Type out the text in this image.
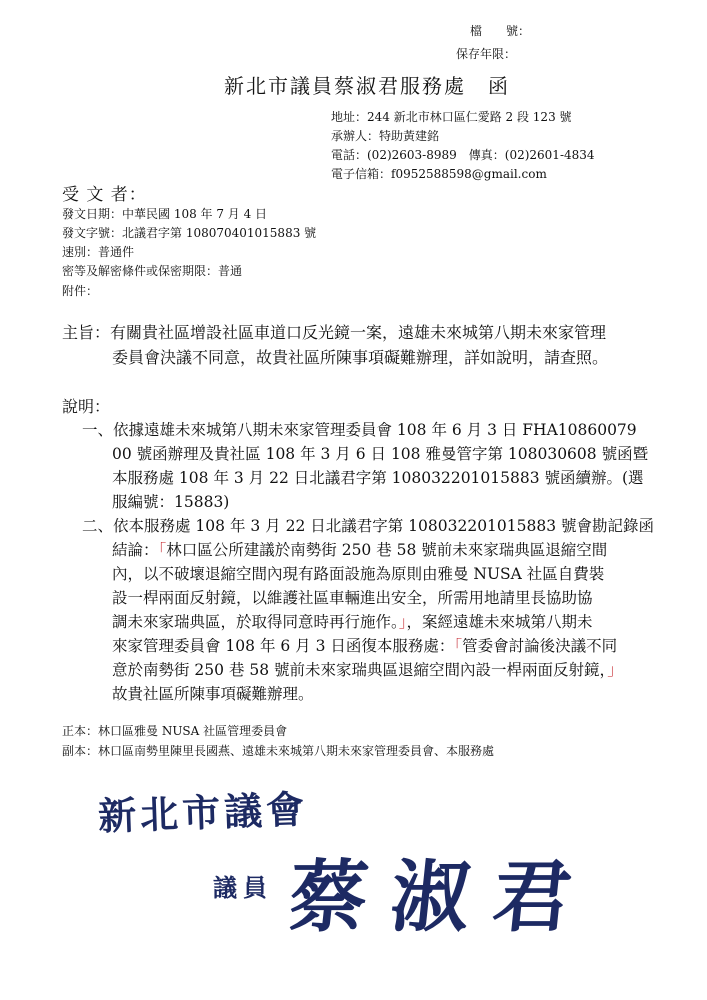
檔　　號：
保存年限：
新北市議員蔡淑君服務處　函
地址：244 新北市林口區仁愛路 2 段 123 號
承辦人：特助黃建銘
電話：(02)2603-8989　傳真：(02)2601-4834
電子信箱：f0952588598@gmail.com
受 文 者：
發文日期：中華民國 108 年 7 月 4 日
發文字號：北議君字第 108070401015883 號
速別：普通件
密等及解密條件或保密期限：普通
附件：
主旨：有關貴社區增設社區車道口反光鏡一案，遠雄未來城第八期未來家管理
委員會決議不同意，故貴社區所陳事項礙難辦理，詳如說明，請查照。
說明：
一、依據遠雄未來城第八期未來家管理委員會 108 年 6 月 3 日 FHA10860079
00 號函辦理及貴社區 108 年 3 月 6 日 108 雅曼管字第 108030608 號函暨
本服務處 108 年 3 月 22 日北議君字第 108032201015883 號函續辦。(選
服編號：15883)
二、依本服務處 108 年 3 月 22 日北議君字第 108032201015883 號會勘記錄函
結論：「林口區公所建議於南勢街 250 巷 58 號前未來家瑞典區退縮空間
內，以不破壞退縮空間內現有路面設施為原則由雅曼 NUSA 社區自費裝
設一桿兩面反射鏡，以維護社區車輛進出安全，所需用地請里長協助協
調未來家瑞典區，於取得同意時再行施作。」，案經遠雄未來城第八期未
來家管理委員會 108 年 6 月 3 日函復本服務處：「管委會討論後決議不同
意於南勢街 250 巷 58 號前未來家瑞典區退縮空間內設一桿兩面反射鏡，」
故貴社區所陳事項礙難辦理。
正本：林口區雅曼 NUSA 社區管理委員會
副本：林口區南勢里陳里長國燕、遠雄未來城第八期未來家管理委員會、本服務處
新北市議會
議員 蔡淑君
